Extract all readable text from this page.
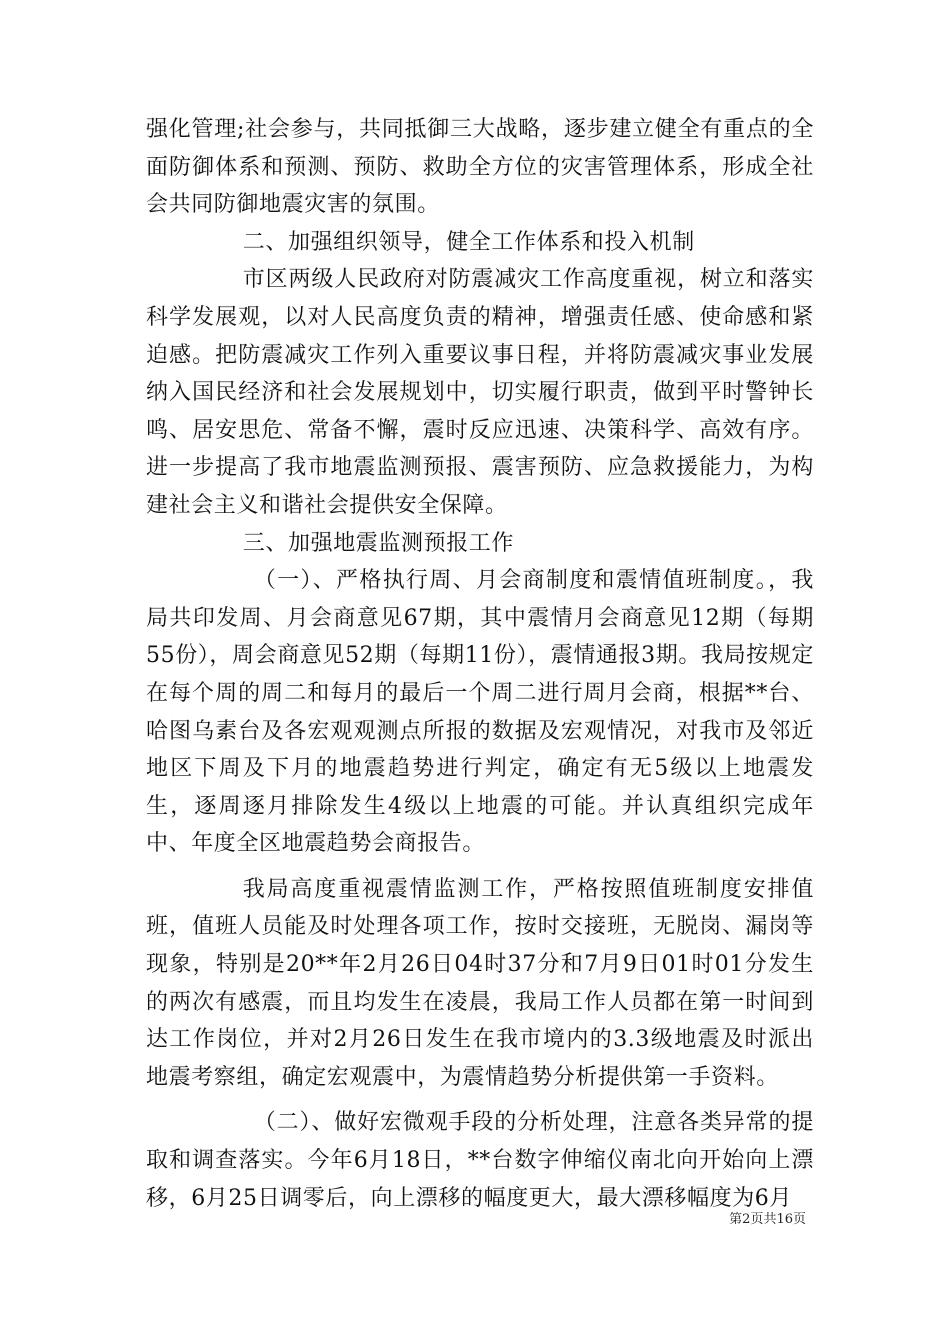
强化管理;社会参与，共同抵御三大战略，逐步建立健全有重点的全面防御体系和预测、预防、救助全方位的灾害管理体系，形成全社会共同防御地震灾害的氛围。

二、加强组织领导，健全工作体系和投入机制

市区两级人民政府对防震减灾工作高度重视，树立和落实科学发展观，以对人民高度负责的精神，增强责任感、使命感和紧迫感。把防震减灾工作列入重要议事日程，并将防震减灾事业发展纳入国民经济和社会发展规划中，切实履行职责，做到平时警钟长鸣、居安思危、常备不懈，震时反应迅速、决策科学、高效有序。进一步提高了我市地震监测预报、震害预防、应急救援能力，为构建社会主义和谐社会提供安全保障。

三、加强地震监测预报工作

（一）、严格执行周、月会商制度和震情值班制度。，我局共印发周、月会商意见67期，其中震情月会商意见12期（每期55份），周会商意见52期（每期11份），震情通报3期。我局按规定在每个周的周二和每月的最后一个周二进行周月会商，根据**台、哈图乌素台及各宏观观测点所报的数据及宏观情况，对我市及邻近地区下周及下月的地震趋势进行判定，确定有无5级以上地震发生，逐周逐月排除发生4级以上地震的可能。并认真组织完成年中、年度全区地震趋势会商报告。

我局高度重视震情监测工作，严格按照值班制度安排值班，值班人员能及时处理各项工作，按时交接班，无脱岗、漏岗等现象，特别是20**年2月26日04时37分和7月9日01时01分发生的两次有感震，而且均发生在凌晨，我局工作人员都在第一时间到达工作岗位，并对2月26日发生在我市境内的3.3级地震及时派出地震考察组，确定宏观震中，为震情趋势分析提供第一手资料。

（二）、做好宏微观手段的分析处理，注意各类异常的提取和调查落实。今年6月18日，**台数字伸缩仪南北向开始向上漂移，6月25日调零后，向上漂移的幅度更大，最大漂移幅度为6月

第2页共16页
